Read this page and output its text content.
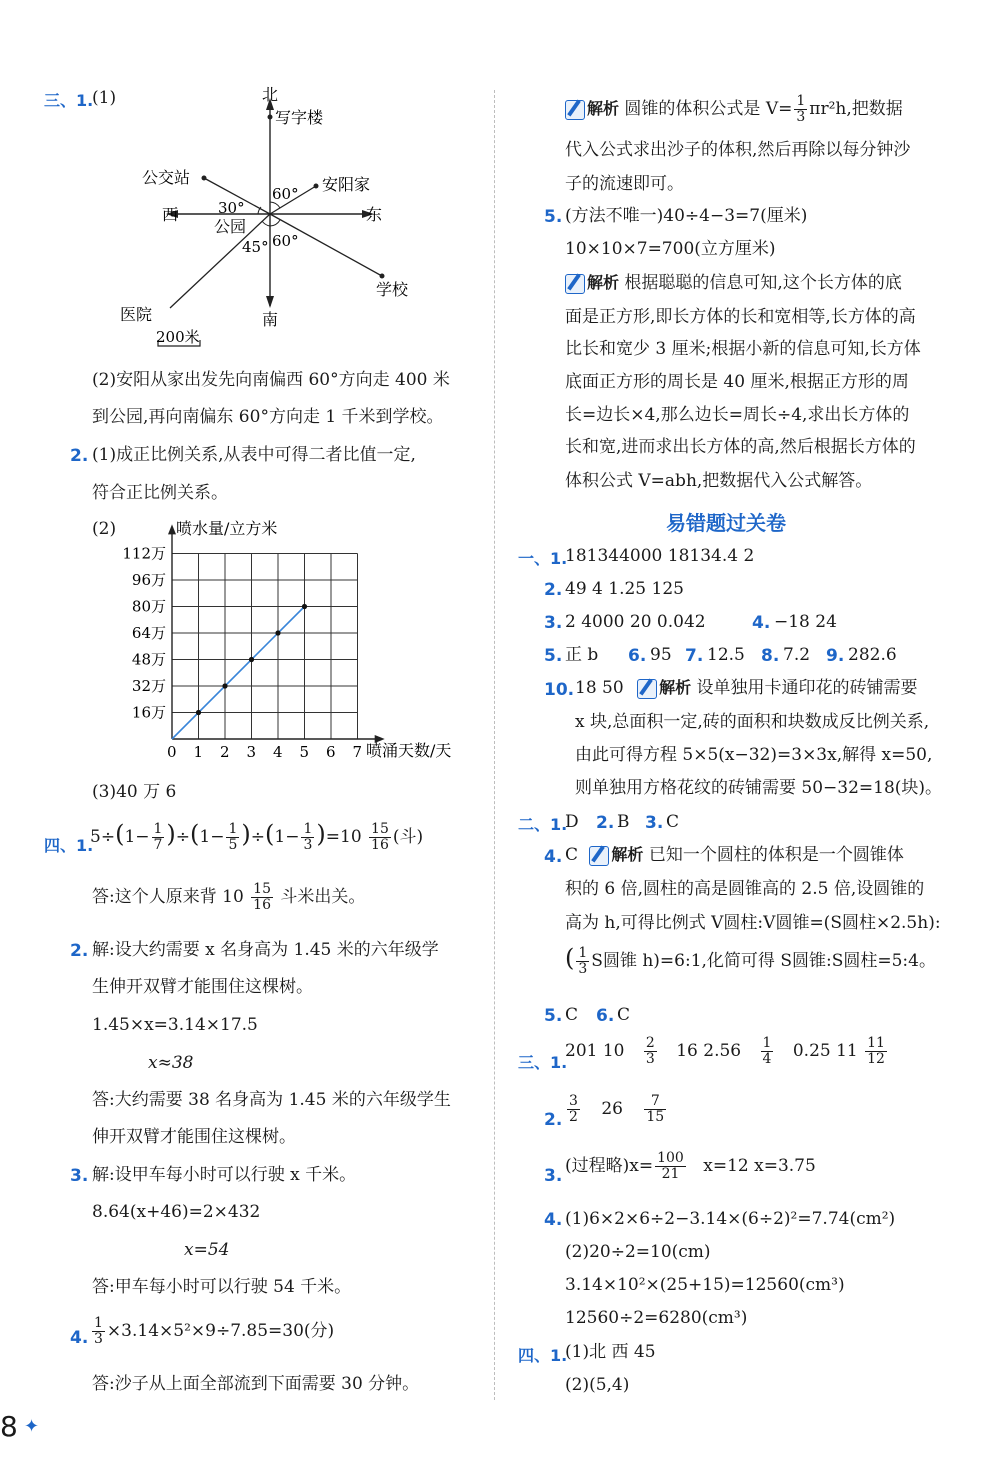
三、1.
(1)	北
写字楼
公交站	安阳家
60°
30°
西	东
公园
45° 60°
学校
医院	南
200米
(2)安阳从家出发先向南偏西 60°方向走 400 米
到公园,再向南偏东 60°方向走 1 千米到学校。
2. (1)成正比例关系,从表中可得二者比值一定,
符合正比例关系。
(2)
0 1 2 3 4 5 6 7
16万
32万
48万
64万
80万
96万
112万
喷水量/立方米
喷涌天数/天
(3)40 万 6
四、1.
$5\div(1- \frac{1}{7} )\div(1- \frac{1}{5} )\div(1- \frac{1}{3} )=10 \frac{15}{16}$ (斗)
答:这个人原来背 $10 \frac{15}{16}$ 斗米出关。
2. 解:设大约需要 x 名身高为 1.45 米的六年级学
生伸开双臂才能围住这棵树。
1.45×x=3.14×17.5
x≈38
答:大约需要 38 名身高为 1.45 米的六年级学生
伸开双臂才能围住这棵树。
3. 解:设甲车每小时可以行驶 x 千米。
8.64(x+46)=2×432
x=54
答:甲车每小时可以行驶 54 千米。
4. $\frac{1}{3} \times 3.14\times 5^2\times 9\div 7.85=30$(分)
答:沙子从上面全部流到下面需要 30 分钟。
8 ✦
解析 圆锥的体积公式是 $V= \frac{1}{3} \pi r^2h$,把数据
代入公式求出沙子的体积,然后再除以每分钟沙
子的流速即可。
5. (方法不唯一)40÷4−3=7(厘米)
10×10×7=700(立方厘米)
解析 根据聪聪的信息可知,这个长方体的底
面是正方形,即长方体的长和宽相等,长方体的高
比长和宽少 3 厘米;根据小新的信息可知,长方体
底面正方形的周长是 40 厘米,根据正方形的周
长=边长×4,那么边长=周长÷4,求出长方体的
长和宽,进而求出长方体的高,然后根据长方体的
体积公式 V=abh,把数据代入公式解答。
易错题过关卷
一、1.
181344000 18134.4 2
2. 49 4 1.25 125
3. 2 4000 20 0.042	4. −18 24
5. 正 b 6. 95 7. 12.5 8. 7.2 9. 282.6
10. 18 50 解析 设单独用卡通印花的砖铺需要
x 块,总面积一定,砖的面积和块数成反比例关系,
由此可得方程 5×5(x−32)=3×3x,解得 x=50,
则单独用方格花纹的砖铺需要 50−32=18(块)。
二、1.
D 2. B 3. C
4. C 解析 已知一个圆柱的体积是一个圆锥体
积的 6 倍,圆柱的高是圆锥高的 2.5 倍,设圆锥的
高为 h,可得比例式 V圆柱:V圆锥=(S圆柱×2.5h):
( $\frac{1}{3}$ S圆锥 h)=6:1,化简可得 S圆锥:S圆柱=5:4。
5. C 6. C
三、1.
201 $10 \frac{2}{3} 16$ $2.56 \frac{1}{4} 0.25$ $11 \frac{11}{12}$
2. $\frac{3}{2} 26 \frac{7}{15}$
3. (过程略)$x= \frac{100}{21} x=12$ x=3.75
4. (1)6×2×6÷2−3.14×(6÷2)²=7.74(cm²)
(2)20÷2=10(cm)
3.14×10²×(25+15)=12560(cm³)
12560÷2=6280(cm³)
四、1.
(1)北 西 45
(2)(5,4)
